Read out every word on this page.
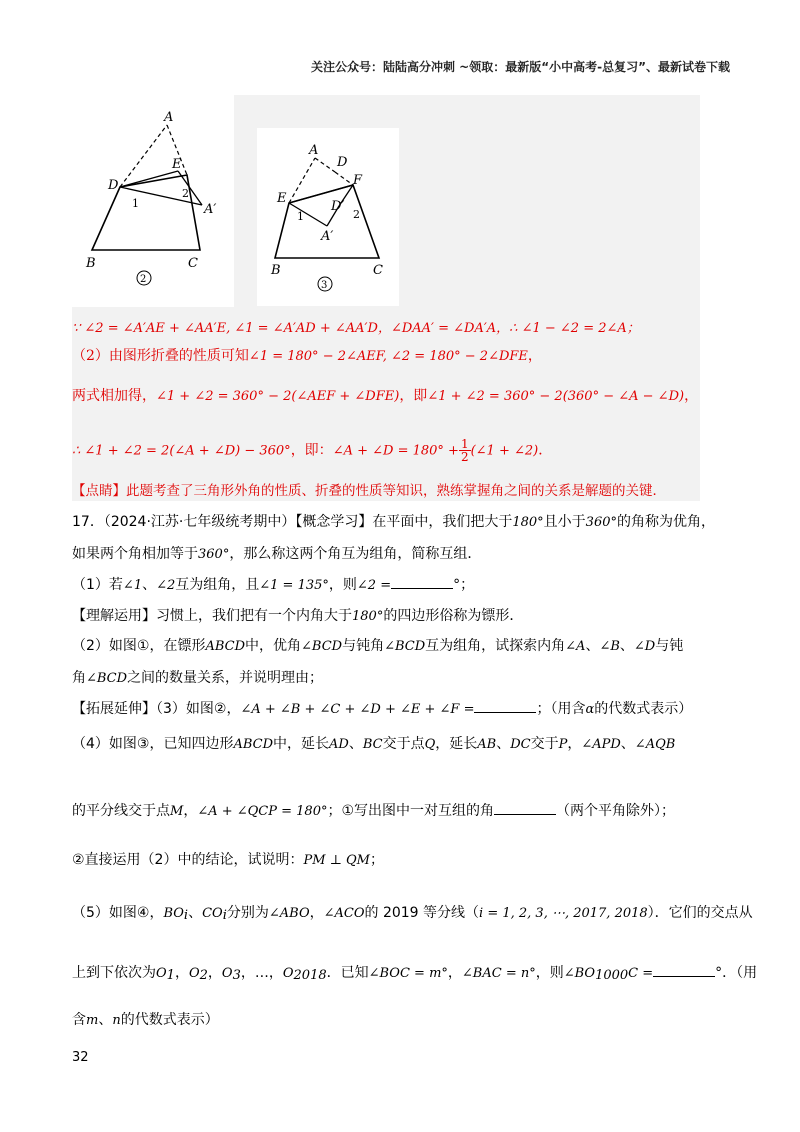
关注公众号：陆陆高分冲刺 ~领取：最新版“小中高考-总复习”、最新试卷下载
A
D
E
A′
1
2
B	C
2
A
D
E
F
D′
A′
1	2
B	C
3
∵ ∠2 = ∠A′AE + ∠AA′E, ∠1 = ∠A′AD + ∠AA′D，∠DAA′ = ∠DA′A，∴ ∠1 − ∠2 = 2∠A；
（2）由图形折叠的性质可知∠1 = 180° − 2∠AEF, ∠2 = 180° − 2∠DFE，
两式相加得，∠1 + ∠2 = 360° − 2(∠AEF + ∠DFE)，即∠1 + ∠2 = 360° − 2(360° − ∠A − ∠D)，
∴ ∠1 + ∠2 = 2(∠A + ∠D) − 360°，即：∠A + ∠D = $180^\circ + \frac{1}{2}$ (∠1 + ∠2)．
【点睛】此题考查了三角形外角的性质、折叠的性质等知识，熟练掌握角之间的关系是解题的关键．
17．（2024·江苏·七年级统考期中）【概念学习】在平面中，我们把大于180°且小于360°的角称为优角，
如果两个角相加等于360°，那么称这两个角互为组角，简称互组．
（1）若∠1、∠2互为组角，且∠1 = 135°，则∠2 =	°；
【理解运用】习惯上，我们把有一个内角大于180°的四边形俗称为镖形．
（2）如图①，在镖形ABCD中，优角∠BCD与钝角∠BCD互为组角，试探索内角∠A、∠B、∠D与钝
角∠BCD之间的数量关系，并说明理由；
【拓展延伸】（3）如图②，∠A + ∠B + ∠C + ∠D + ∠E + ∠F =	；（用含α的代数式表示）
（4）如图③，已知四边形ABCD中，延长AD、BC交于点Q，延长AB、DC交于P，∠APD、∠AQB
的平分线交于点M，∠A + ∠QCP = 180°；①写出图中一对互组的角	（两个平角除外）；
②直接运用（2）中的结论，试说明：PM ⊥ QM；
（5）如图④，BOi、COi分别为∠ABO，∠ACO的 2019 等分线（i = 1, 2, 3, ⋯, 2017, 2018）．它们的交点从
上到下依次为O1，O2，O3，…，O2018．已知∠BOC = m°，∠BAC = n°，则∠BO1000C =	°．（用
含m、n的代数式表示）
32
